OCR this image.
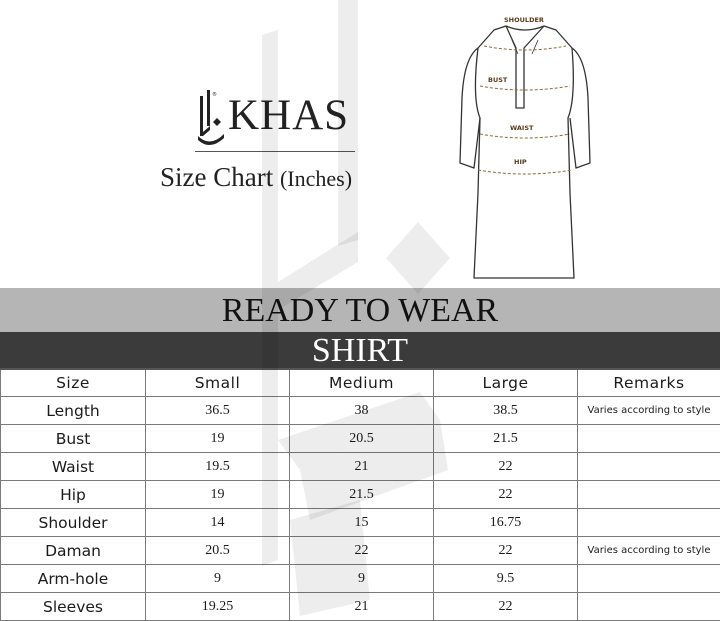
® KHAS
Size Chart (Inches)
SHOULDER
BUST
WAIST
HIP
READY TO WEAR
SHIRT
Size	Small	Medium	Large	Remarks
Length	36.5	38	38.5	Varies according to style
Bust	19	20.5	21.5	
Waist	19.5	21	22	
Hip	19	21.5	22	
Shoulder	14	15	16.75	
Daman	20.5	22	22	Varies according to style
Arm-hole	9	9	9.5	
Sleeves	19.25	21	22	
